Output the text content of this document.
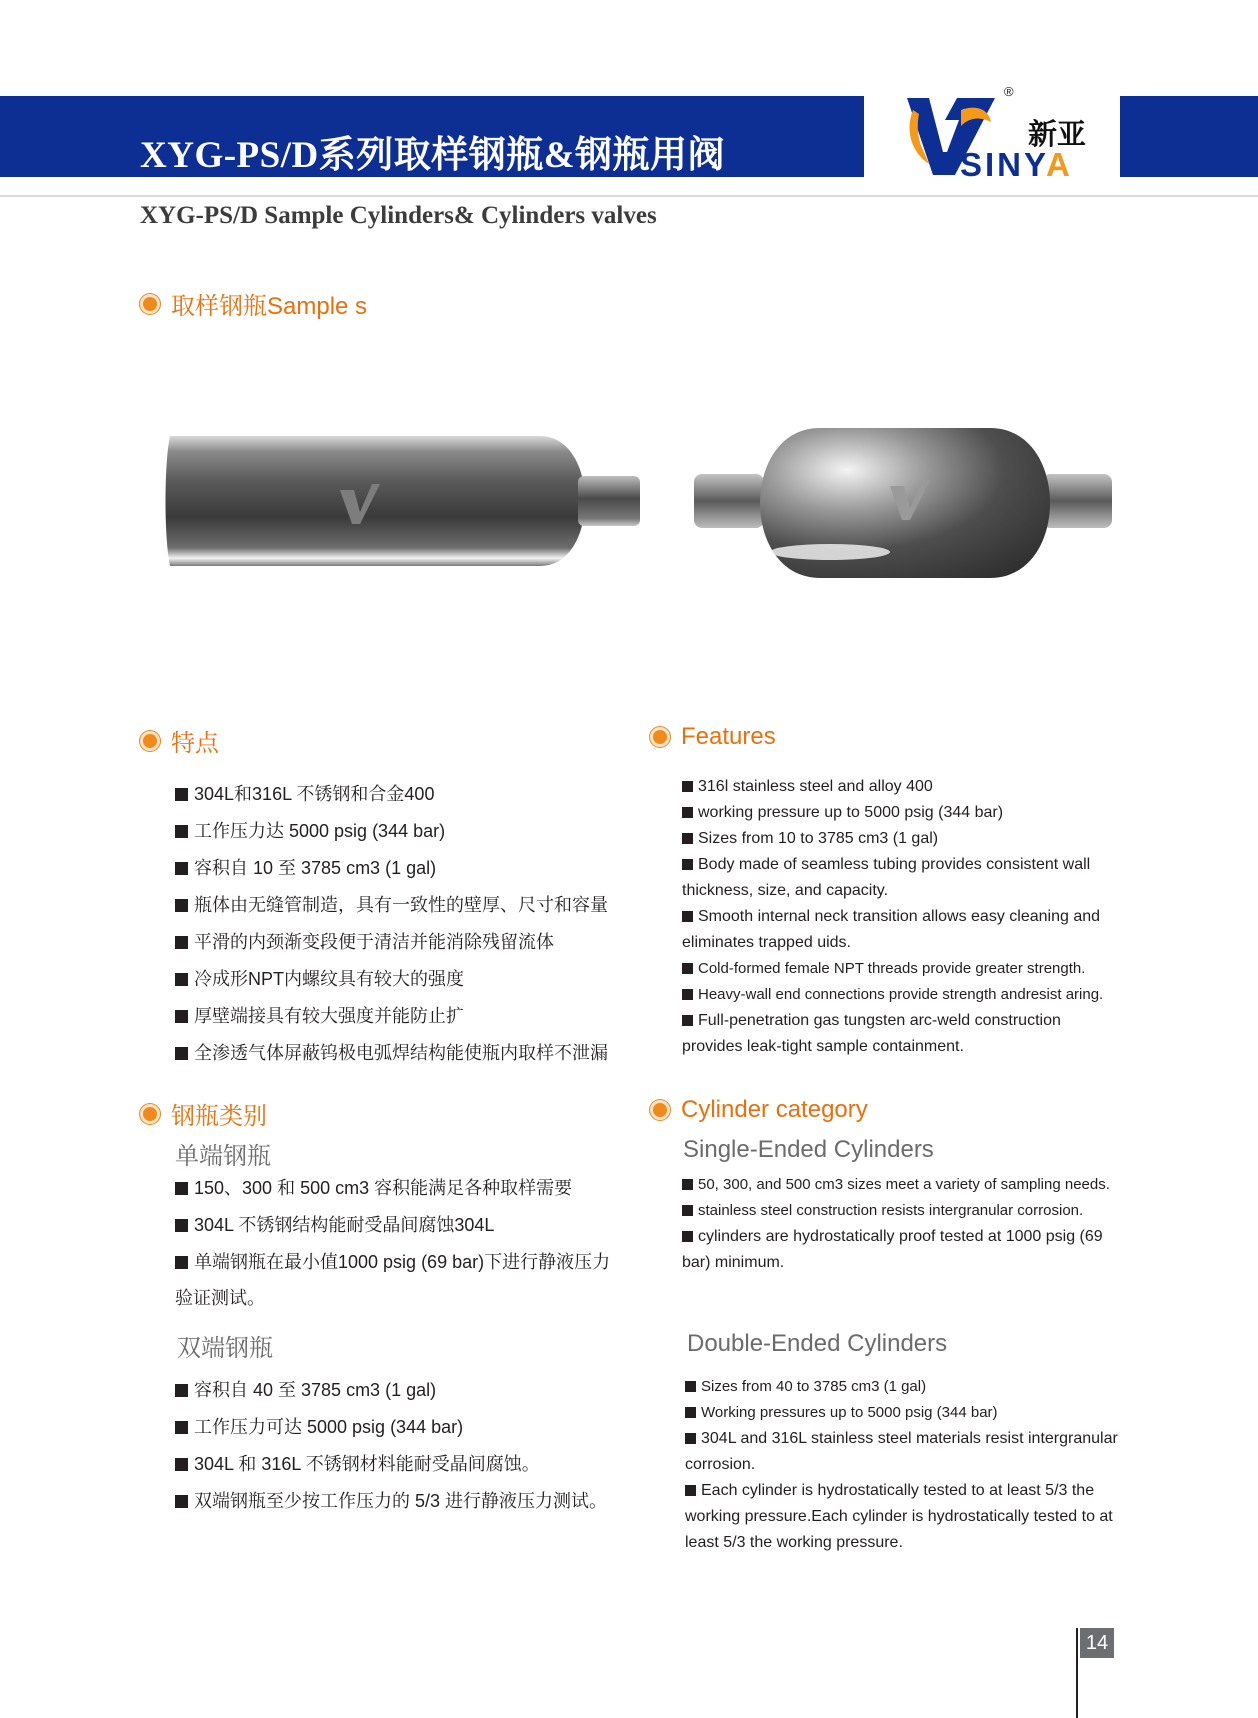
XYG-PS/D系列取样钢瓶&钢瓶用阀
®
新亚
SINYA
XYG-PS/D Sample Cylinders& Cylinders valves
取样钢瓶Sample s
特点
304L和316L 不锈钢和合金400
工作压力达 5000 psig (344 bar)
容积自 10 至 3785 cm3 (1 gal)
瓶体由无缝管制造，具有一致性的壁厚、尺寸和容量
平滑的内颈渐变段便于清洁并能消除残留流体
冷成形NPT内螺纹具有较大的强度
厚壁端接具有较大强度并能防止扩
全渗透气体屏蔽钨极电弧焊结构能使瓶内取样不泄漏
Features
316l stainless steel and alloy 400
working pressure up to 5000 psig (344 bar)
Sizes from 10 to 3785 cm3 (1 gal)
Body made of seamless tubing provides consistent wall thickness, size, and capacity.
Smooth internal neck transition allows easy cleaning and eliminates trapped uids.
Cold-formed female NPT threads provide greater strength.
Heavy-wall end connections provide strength andresist aring.
Full-penetration gas tungsten arc-weld construction provides leak-tight sample containment.
钢瓶类别
单端钢瓶
150、300 和 500 cm3 容积能满足各种取样需要
304L 不锈钢结构能耐受晶间腐蚀304L
单端钢瓶在最小值1000 psig (69 bar)下进行静液压力验证测试。
双端钢瓶
容积自 40 至 3785 cm3 (1 gal)
工作压力可达 5000 psig (344 bar)
304L 和 316L 不锈钢材料能耐受晶间腐蚀。
双端钢瓶至少按工作压力的 5/3 进行静液压力测试。
Cylinder category
Single-Ended Cylinders
50, 300, and 500 cm3 sizes meet a variety of sampling needs.
stainless steel construction resists intergranular corrosion.
cylinders are hydrostatically proof tested at 1000 psig (69 bar) minimum.
Double-Ended Cylinders
Sizes from 40 to 3785 cm3 (1 gal)
Working pressures up to 5000 psig (344 bar)
304L and 316L stainless steel materials resist intergranular corrosion.
Each cylinder is hydrostatically tested to at least 5/3 the working pressure.Each cylinder is hydrostatically tested to at least 5/3 the working pressure.
14
